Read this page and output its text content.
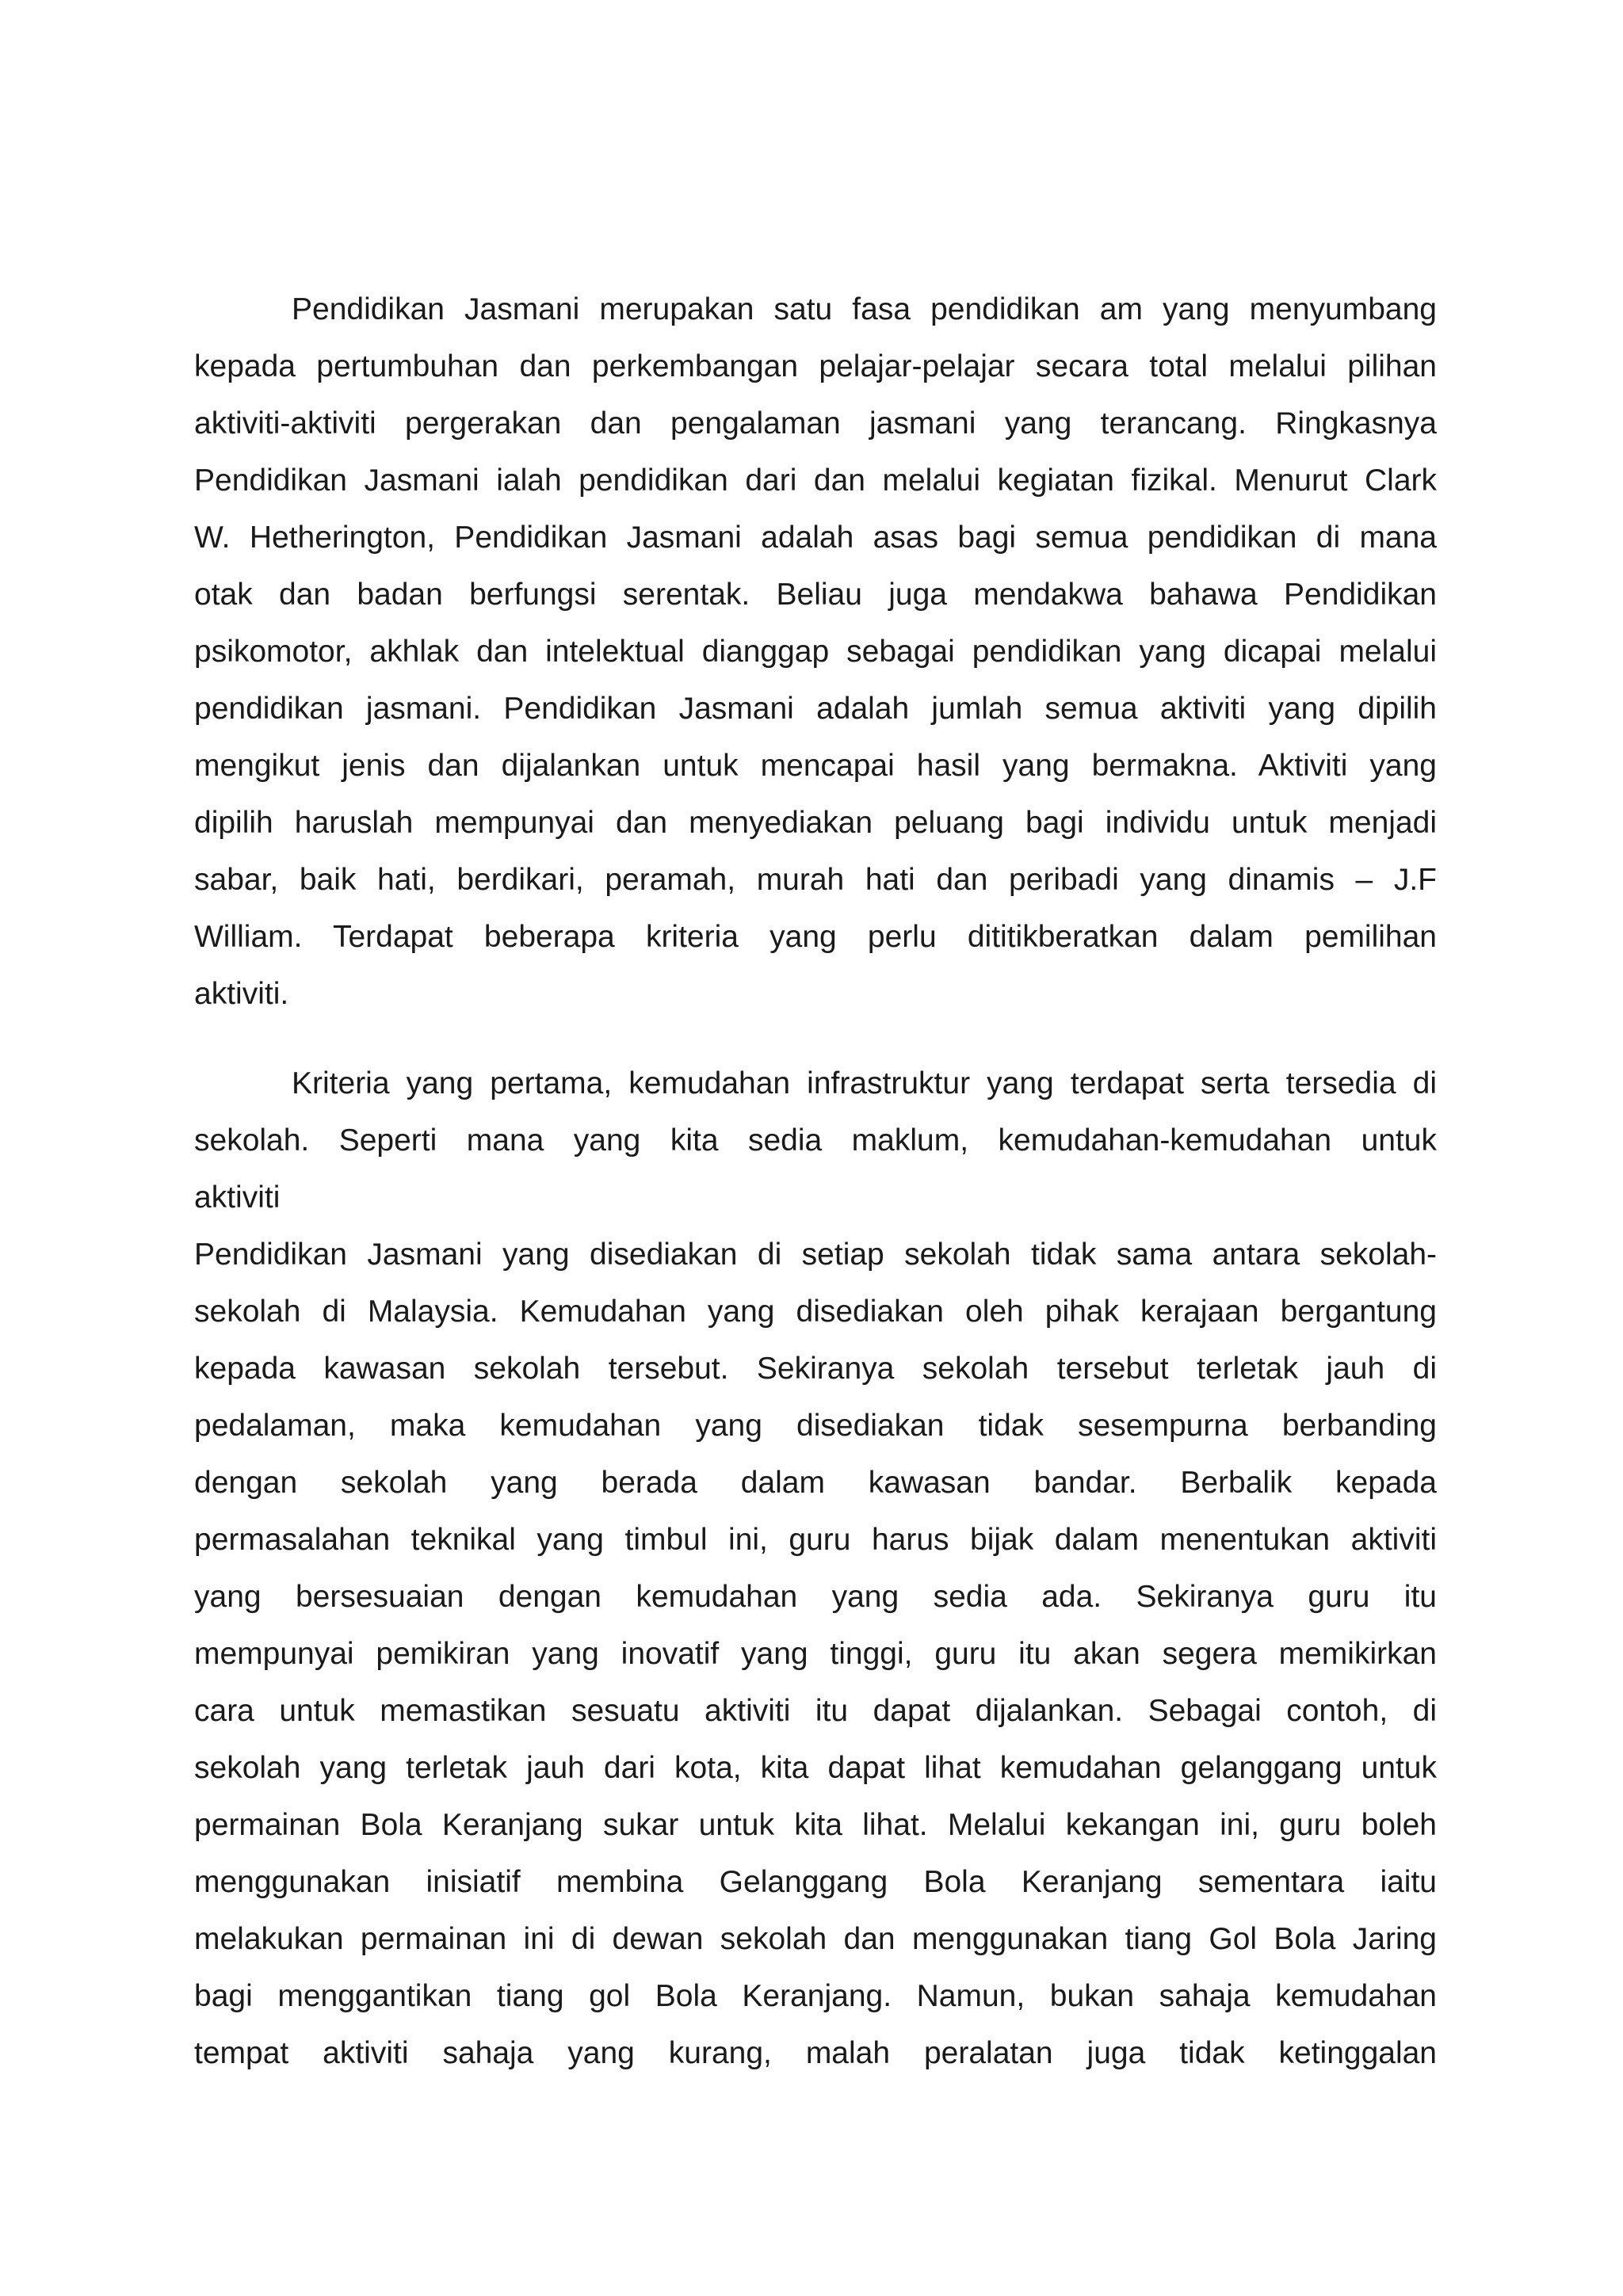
Pendidikan Jasmani merupakan satu fasa pendidikan am yang menyumbang
kepada pertumbuhan dan perkembangan pelajar-pelajar secara total melalui pilihan
aktiviti-aktiviti pergerakan dan pengalaman jasmani yang terancang. Ringkasnya
Pendidikan Jasmani ialah pendidikan dari dan melalui kegiatan fizikal. Menurut Clark
W. Hetherington, Pendidikan Jasmani adalah asas bagi semua pendidikan di mana
otak dan badan berfungsi serentak. Beliau juga mendakwa bahawa Pendidikan
psikomotor, akhlak dan intelektual dianggap sebagai pendidikan yang dicapai melalui
pendidikan jasmani. Pendidikan Jasmani adalah jumlah semua aktiviti yang dipilih
mengikut jenis dan dijalankan untuk mencapai hasil yang bermakna. Aktiviti yang
dipilih haruslah mempunyai dan menyediakan peluang bagi individu untuk menjadi
sabar, baik hati, berdikari, peramah, murah hati dan peribadi yang dinamis – J.F
William. Terdapat beberapa kriteria yang perlu dititikberatkan dalam pemilihan
aktiviti.
Kriteria yang pertama, kemudahan infrastruktur yang terdapat serta tersedia di
sekolah. Seperti mana yang kita sedia maklum, kemudahan-kemudahan untuk
aktiviti
Pendidikan Jasmani yang disediakan di setiap sekolah tidak sama antara sekolah-
sekolah di Malaysia. Kemudahan yang disediakan oleh pihak kerajaan bergantung
kepada kawasan sekolah tersebut. Sekiranya sekolah tersebut terletak jauh di
pedalaman, maka kemudahan yang disediakan tidak sesempurna berbanding
dengan sekolah yang berada dalam kawasan bandar. Berbalik kepada
permasalahan teknikal yang timbul ini, guru harus bijak dalam menentukan aktiviti
yang bersesuaian dengan kemudahan yang sedia ada. Sekiranya guru itu
mempunyai pemikiran yang inovatif yang tinggi, guru itu akan segera memikirkan
cara untuk memastikan sesuatu aktiviti itu dapat dijalankan. Sebagai contoh, di
sekolah yang terletak jauh dari kota, kita dapat lihat kemudahan gelanggang untuk
permainan Bola Keranjang sukar untuk kita lihat. Melalui kekangan ini, guru boleh
menggunakan inisiatif membina Gelanggang Bola Keranjang sementara iaitu
melakukan permainan ini di dewan sekolah dan menggunakan tiang Gol Bola Jaring
bagi menggantikan tiang gol Bola Keranjang. Namun, bukan sahaja kemudahan
tempat aktiviti sahaja yang kurang, malah peralatan juga tidak ketinggalan
